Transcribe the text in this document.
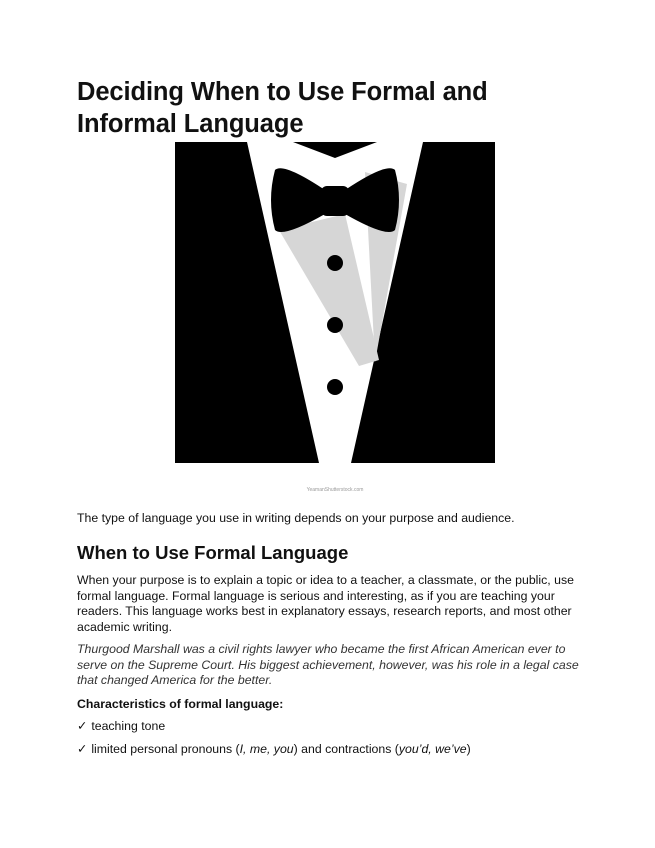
Deciding When to Use Formal and Informal Language
YeamanShutterstock.com

The type of language you use in writing depends on your purpose and audience.

When to Use Formal Language

When your purpose is to explain a topic or idea to a teacher, a classmate, or the public, use formal language. Formal language is serious and interesting, as if you are teaching your readers. This language works best in explanatory essays, research reports, and most other academic writing.

Thurgood Marshall was a civil rights lawyer who became the first African American ever to serve on the Supreme Court. His biggest achievement, however, was his role in a legal case that changed America for the better.

Characteristics of formal language:

✓ teaching tone
✓ limited personal pronouns (I, me, you) and contractions (you’d, we’ve)
